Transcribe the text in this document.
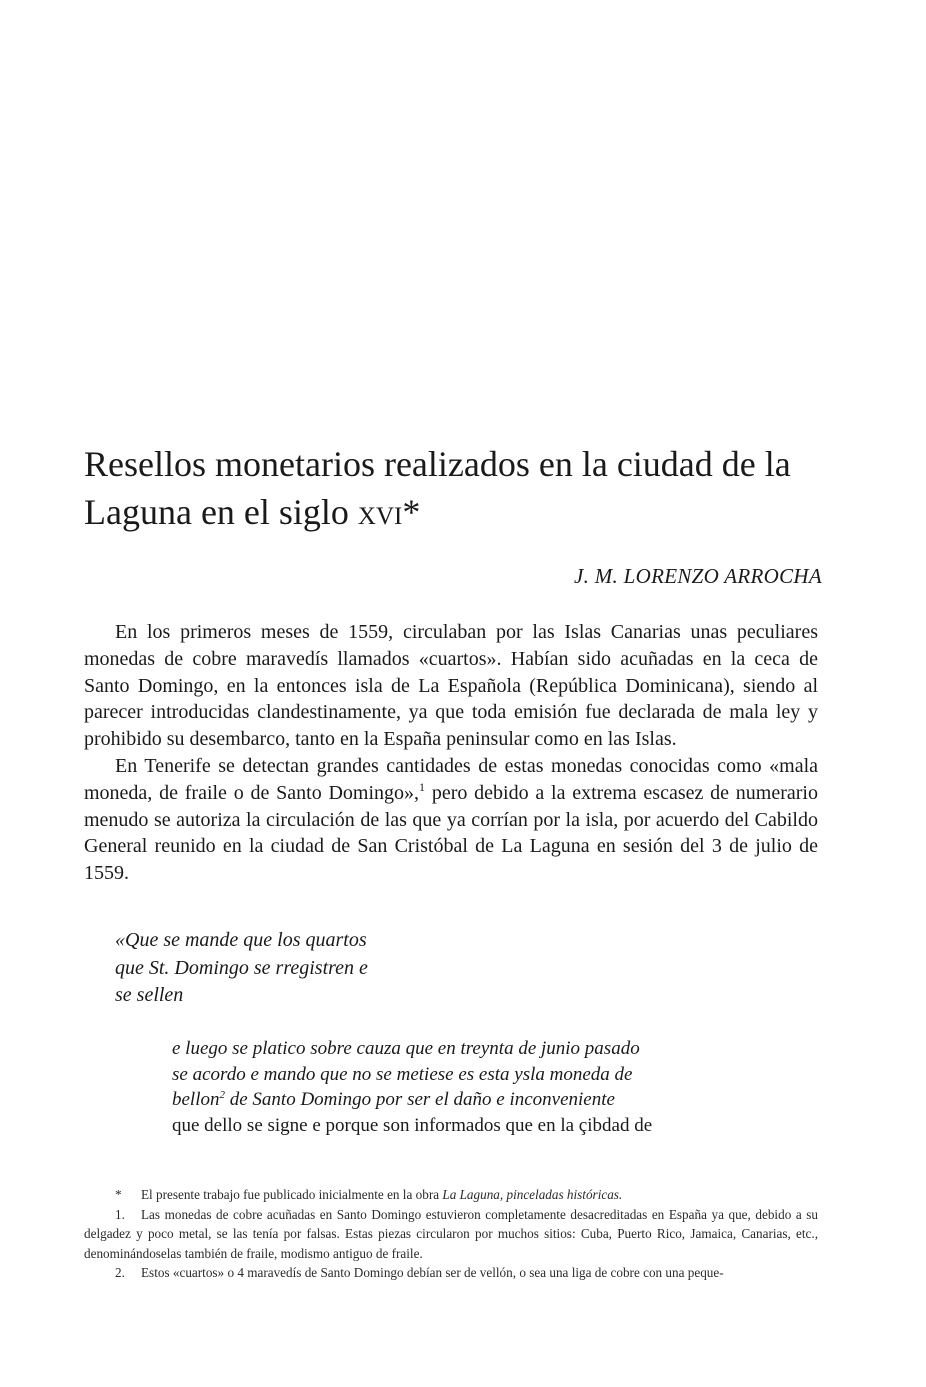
Resellos monetarios realizados en la ciudad de la
Laguna en el siglo xvi*
J. M. LORENZO ARROCHA

En los primeros meses de 1559, circulaban por las Islas Canarias unas peculiares monedas de cobre maravedís llamados «cuartos». Habían sido acuñadas en la ceca de Santo Domingo, en la entonces isla de La Española (República Dominicana), siendo al parecer introducidas clandestinamente, ya que toda emisión fue declarada de mala ley y prohibido su desembarco, tanto en la España peninsular como en las Islas.

En Tenerife se detectan grandes cantidades de estas monedas conocidas como «mala moneda, de fraile o de Santo Domingo»,$^1$ pero debido a la extrema escasez de numerario menudo se autoriza la circulación de las que ya corrían por la isla, por acuerdo del Cabildo General reunido en la ciudad de San Cristóbal de La Laguna en sesión del 3 de julio de 1559.

«Que se mande que los quartos
que St. Domingo se rregistren e
se sellen
e luego se platico sobre cauza que en treynta de junio pasado
se acordo e mando que no se metiese es esta ysla moneda de
bellon$^2$ de Santo Domingo por ser el daño e inconveniente
que dello se signe e porque son informados que en la çibdad de

* El presente trabajo fue publicado inicialmente en la obra La Laguna, pinceladas históricas.

1. Las monedas de cobre acuñadas en Santo Domingo estuvieron completamente desacreditadas en España ya que, debido a su delgadez y poco metal, se las tenía por falsas. Estas piezas circularon por muchos sitios: Cuba, Puerto Rico, Jamaica, Canarias, etc., denominándoselas también de fraile, modismo antiguo de fraile.

2. Estos «cuartos» o 4 maravedís de Santo Domingo debían ser de vellón, o sea una liga de cobre con una peque-
